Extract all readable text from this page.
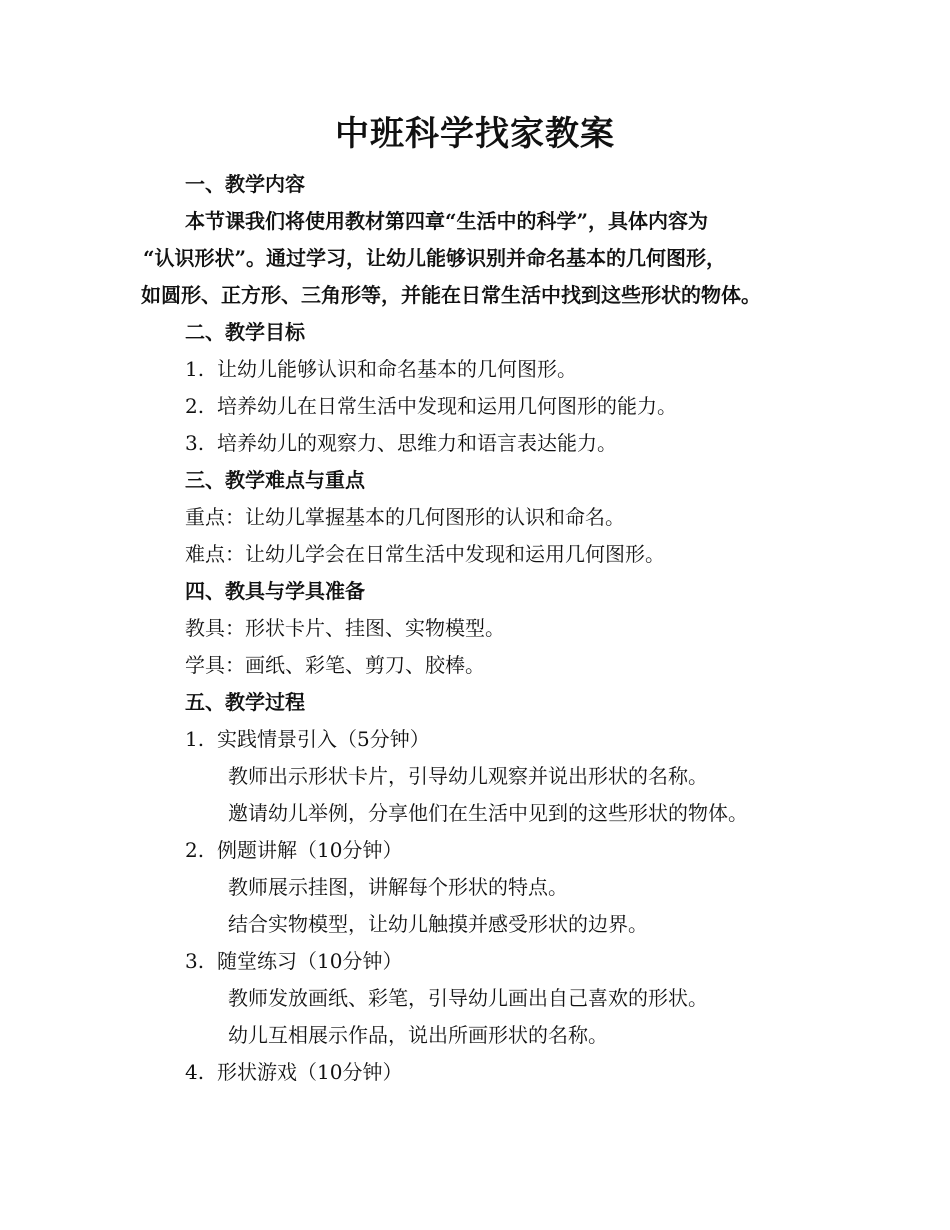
中班科学找家教案
一、教学内容
本节课我们将使用教材第四章“生活中的科学”，具体内容为
“认识形状”。通过学习，让幼儿能够识别并命名基本的几何图形，
如圆形、正方形、三角形等，并能在日常生活中找到这些形状的物体。
二、教学目标
1. 让幼儿能够认识和命名基本的几何图形。
2. 培养幼儿在日常生活中发现和运用几何图形的能力。
3. 培养幼儿的观察力、思维力和语言表达能力。
三、教学难点与重点
重点：让幼儿掌握基本的几何图形的认识和命名。
难点：让幼儿学会在日常生活中发现和运用几何图形。
四、教具与学具准备
教具：形状卡片、挂图、实物模型。
学具：画纸、彩笔、剪刀、胶棒。
五、教学过程
1. 实践情景引入（5分钟）
教师出示形状卡片，引导幼儿观察并说出形状的名称。
邀请幼儿举例，分享他们在生活中见到的这些形状的物体。
2. 例题讲解（10分钟）
教师展示挂图，讲解每个形状的特点。
结合实物模型，让幼儿触摸并感受形状的边界。
3. 随堂练习（10分钟）
教师发放画纸、彩笔，引导幼儿画出自己喜欢的形状。
幼儿互相展示作品，说出所画形状的名称。
4. 形状游戏（10分钟）
